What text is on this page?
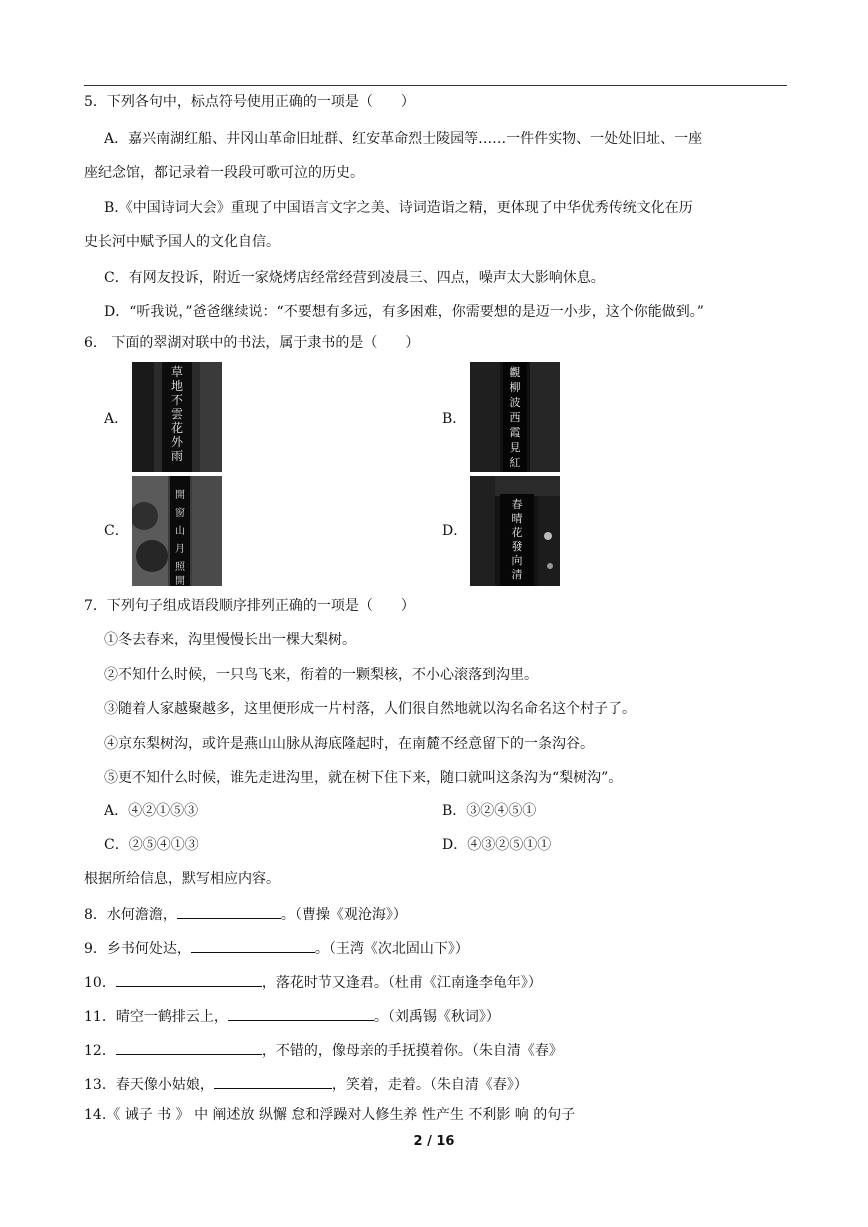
5．下列各句中，标点符号使用正确的一项是（　　）
A．嘉兴南湖红船、井冈山革命旧址群、红安革命烈士陵园等……一件件实物、一处处旧址、一座
座纪念馆，都记录着一段段可歌可泣的历史。
B.《中国诗词大会》重现了中国语言文字之美、诗词造诣之精，更体现了中华优秀传统文化在历
史长河中赋予国人的文化自信。
C．有网友投诉，附近一家烧烤店经常经营到凌晨三、四点，噪声太大影响休息。
D．“听我说，”爸爸继续说：“不要想有多远，有多困难，你需要想的是迈一小步，这个你能做到。”
6． 下面的翠湖对联中的书法，属于隶书的是（　　）
A．
草
地
不
雲
花
外
雨
B．
觀
柳
波
西
霞
見
紅
C．
開
窗
山
月
照
開
D．
春
晴
花
發
向
清
7．下列句子组成语段顺序排列正确的一项是（　　）
①冬去春来，沟里慢慢长出一棵大梨树。
②不知什么时候，一只鸟飞来，衔着的一颗梨核，不小心滚落到沟里。
③随着人家越聚越多，这里便形成一片村落，人们很自然地就以沟名命名这个村子了。
④京东梨树沟，或许是燕山山脉从海底隆起时，在南麓不经意留下的一条沟谷。
⑤更不知什么时候，谁先走进沟里，就在树下住下来，随口就叫这条沟为“梨树沟”。
A．④②①⑤③	B．③②④⑤①
C．②⑤④①③	D．④③②⑤①①
根据所给信息，默写相应内容。
8．水何澹澹，	。（曹操《观沧海》）
9．乡书何处达，	。（王湾《次北固山下》）
10．	，落花时节又逢君。（杜甫《江南逢李龟年》）
11．晴空一鹤排云上，	。（刘禹锡《秋词》）
12．	，不错的，像母亲的手抚摸着你。（朱自清《春》
13．春天像小姑娘，	，笑着，走着。（朱自清《春》）
14.《 诫子 书 》 中 阐述放 纵懈 怠和浮躁对人修生养 性产生 不利影 响 的句子
2 / 16
